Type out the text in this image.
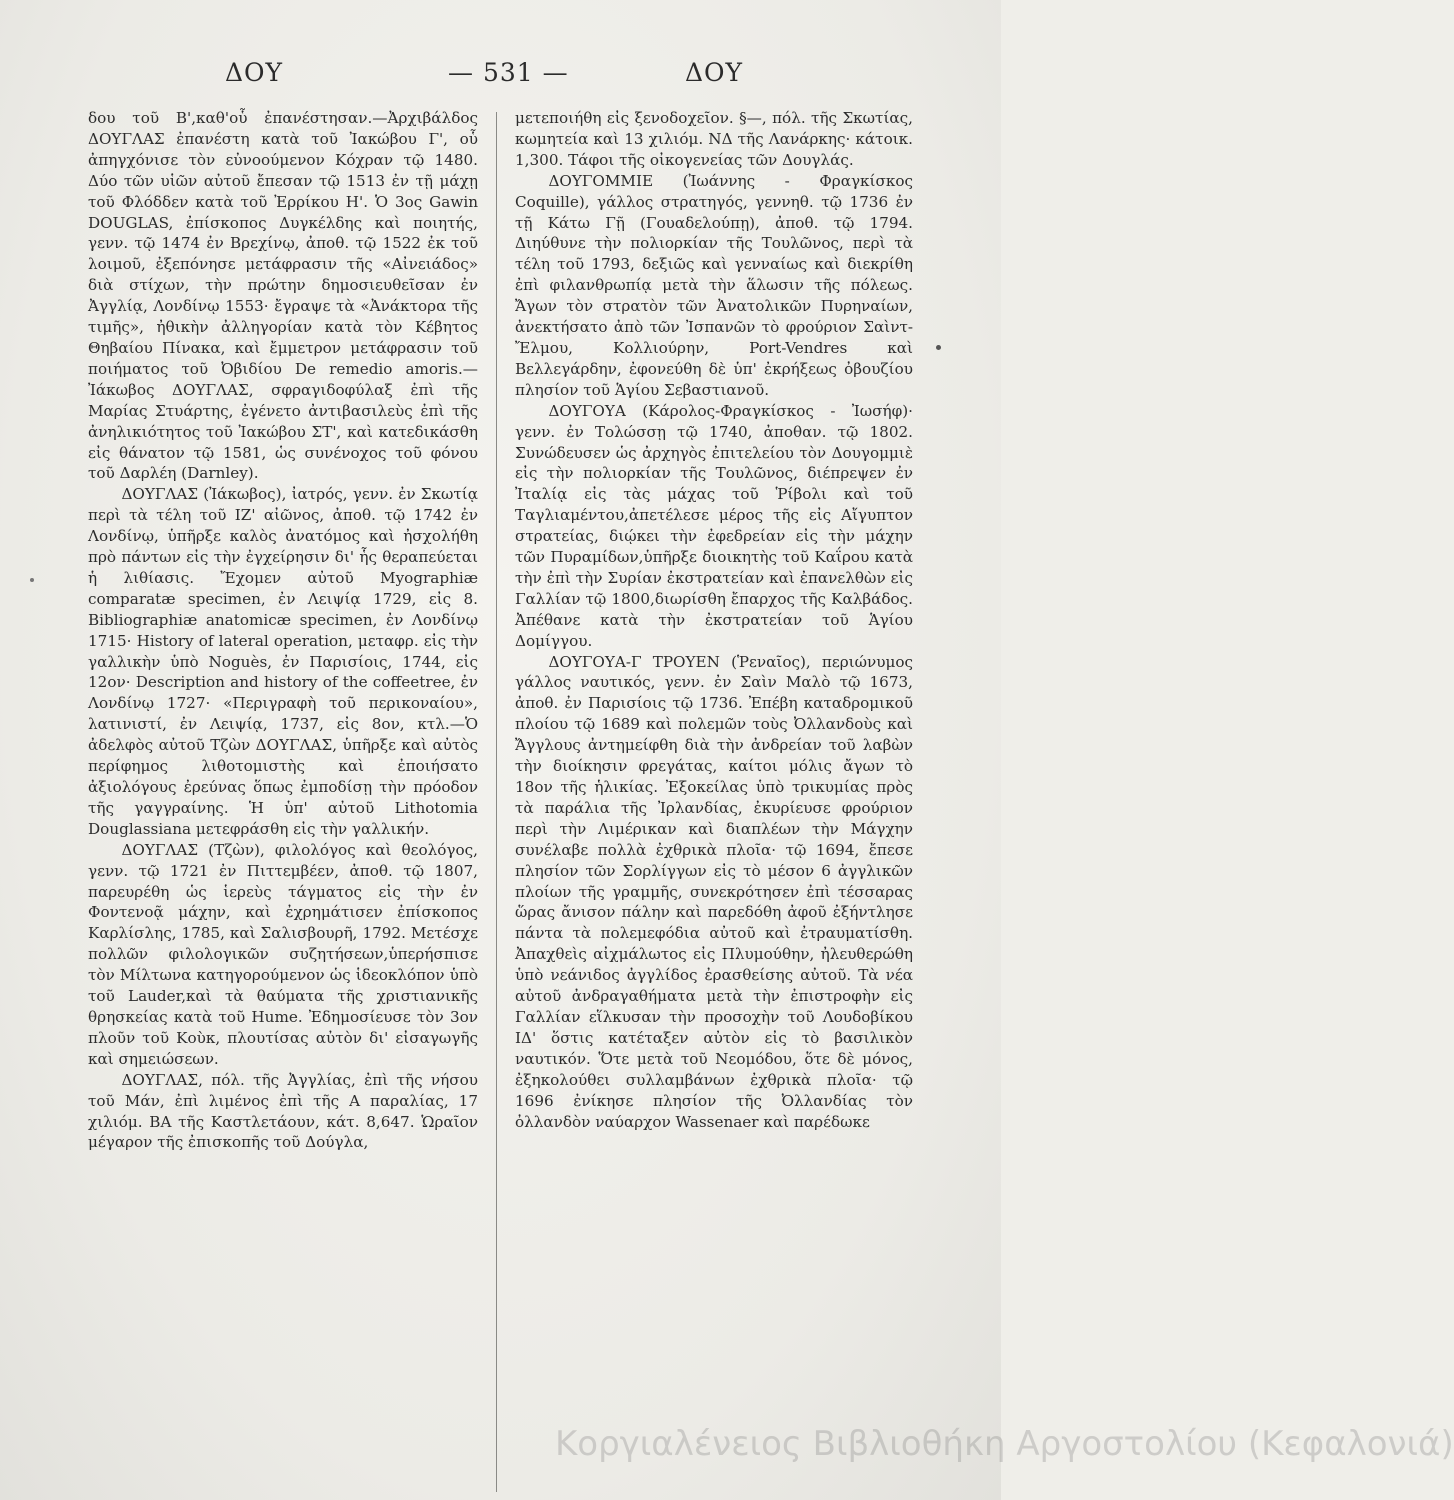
ΔΟΥ	— 531 —	ΔΟΥ

δου τοῦ Β',καθ'οὗ ἐπανέστησαν.—Ἀρχιβάλδος ΔΟΥΓΛΑΣ ἐπανέστη κατὰ τοῦ Ἰακώβου Γ', οὗ ἀπηγχόνισε τὸν εὐνοούμενον Κόχραν τῷ 1480. Δύο τῶν υἱῶν αὐτοῦ ἔπεσαν τῷ 1513 ἐν τῇ μάχῃ τοῦ Φλόδδεν κατὰ τοῦ Ἐρρίκου Η'. Ὁ 3ος Gawin DOUGLAS, ἐπίσκοπος Δυγκέλδης καὶ ποιητής, γενν. τῷ 1474 ἐν Βρεχίνῳ, ἀποθ. τῷ 1522 ἐκ τοῦ λοιμοῦ, ἐξεπόνησε μετάφρασιν τῆς «Αἰνειάδος» διὰ στίχων, τὴν πρώτην δημοσιευθεῖσαν ἐν Ἀγγλίᾳ, Λονδίνῳ 1553· ἔγραψε τὰ «Ἀνάκτορα τῆς τιμῆς», ἠθικὴν ἀλληγορίαν κατὰ τὸν Κέβητος Θηβαίου Πίνακα, καὶ ἔμμετρον μετάφρασιν τοῦ ποιήματος τοῦ Ὀβιδίου De remedio amoris.—Ἰάκωβος ΔΟΥΓΛΑΣ, σφραγιδοφύλαξ ἐπὶ τῆς Μαρίας Στυάρτης, ἐγένετο ἀντιβασιλεὺς ἐπὶ τῆς ἀνηλικιότητος τοῦ Ἰακώβου ΣΤ', καὶ κατεδικάσθη εἰς θάνατον τῷ 1581, ὡς συνένοχος τοῦ φόνου τοῦ Δαρλέη (Darnley).

ΔΟΥΓΛΑΣ (Ἰάκωβος), ἰατρός, γενν. ἐν Σκωτίᾳ περὶ τὰ τέλη τοῦ ΙΖ' αἰῶνος, ἀποθ. τῷ 1742 ἐν Λονδίνῳ, ὑπῆρξε καλὸς ἀνατόμος καὶ ἠσχολήθη πρὸ πάντων εἰς τὴν ἐγχείρησιν δι' ἧς θεραπεύεται ἡ λιθίασις. Ἔχομεν αὐτοῦ Myographiæ comparatæ specimen, ἐν Λειψίᾳ 1729, εἰς 8. Bibliographiæ anatomicæ specimen, ἐν Λονδίνῳ 1715· History of lateral operation, μεταφρ. εἰς τὴν γαλλικὴν ὑπὸ Noguès, ἐν Παρισίοις, 1744, εἰς 12ον· Description and history of the coffeetree, ἐν Λονδίνῳ 1727· «Περιγραφὴ τοῦ περικοναίου», λατινιστί, ἐν Λειψίᾳ, 1737, εἰς 8ον, κτλ.—Ὁ ἀδελφὸς αὐτοῦ Τζὼν ΔΟΥΓΛΑΣ, ὑπῆρξε καὶ αὐτὸς περίφημος λιθοτομιστὴς καὶ ἐποιήσατο ἀξιολόγους ἐρεύνας ὅπως ἐμποδίσῃ τὴν πρόοδον τῆς γαγγραίνης. Ἡ ὑπ' αὐτοῦ Lithotomia Douglassiana μετεφράσθη εἰς τὴν γαλλικήν.

ΔΟΥΓΛΑΣ (Τζὼν), φιλολόγος καὶ θεολόγος, γενν. τῷ 1721 ἐν Πιττεμβέεν, ἀποθ. τῷ 1807, παρευρέθη ὡς ἱερεὺς τάγματος εἰς τὴν ἐν Φοντενοᾷ μάχην, καὶ ἐχρημάτισεν ἐπίσκοπος Καρλίσλης, 1785, καὶ Σαλισβουρῆ, 1792. Μετέσχε πολλῶν φιλολογικῶν συζητήσεων,ὑπερήσπισε τὸν Μίλτωνα κατηγορούμενον ὡς ἱδεοκλόπον ὑπὸ τοῦ Lauder,καὶ τὰ θαύματα τῆς χριστιανικῆς θρησκείας κατὰ τοῦ Hume. Ἐδημοσίευσε τὸν 3ον πλοῦν τοῦ Κοὺκ, πλουτίσας αὐτὸν δι' εἰσαγωγῆς καὶ σημειώσεων.

ΔΟΥΓΛΑΣ, πόλ. τῆς Ἀγγλίας, ἐπὶ τῆς νήσου τοῦ Μάν, ἐπὶ λιμένος ἐπὶ τῆς Α παραλίας, 17 χιλιόμ. ΒΑ τῆς Καστλετάουν, κάτ. 8,647. Ὡραῖον μέγαρον τῆς ἐπισκοπῆς τοῦ Δούγλα,

μετεποιήθη εἰς ξενοδοχεῖον. §—, πόλ. τῆς Σκωτίας, κωμητεία καὶ 13 χιλιόμ. ΝΔ τῆς Λανάρκης· κάτοικ. 1,300. Τάφοι τῆς οἰκογενείας τῶν Δουγλάς.

ΔΟΥΓΟΜΜΙΕ (Ἰωάννης - Φραγκίσκος Coquille), γάλλος στρατηγός, γεννηθ. τῷ 1736 ἐν τῇ Κάτω Γῇ (Γουαδελούπῃ), ἀποθ. τῷ 1794. Διηύθυνε τὴν πολιορκίαν τῆς Τουλῶνος, περὶ τὰ τέλη τοῦ 1793, δεξιῶς καὶ γενναίως καὶ διεκρίθη ἐπὶ φιλανθρωπίᾳ μετὰ τὴν ἅλωσιν τῆς πόλεως. Ἄγων τὸν στρατὸν τῶν Ἀνατολικῶν Πυρηναίων, ἀνεκτήσατο ἀπὸ τῶν Ἰσπανῶν τὸ φρούριον Σαὶντ-Ἔλμου, Κολλιούρην, Port-Vendres καὶ Βελλεγάρδην, ἐφονεύθη δὲ ὑπ' ἐκρήξεως ὀβουζίου πλησίον τοῦ Ἁγίου Σεβαστιανοῦ.

ΔΟΥΓΟΥΑ (Κάρολος-Φραγκίσκος - Ἰωσήφ)· γενν. ἐν Τολώσσῃ τῷ 1740, ἀποθαν. τῷ 1802. Συνώδευσεν ὡς ἀρχηγὸς ἐπιτελείου τὸν Δουγομμιὲ εἰς τὴν πολιορκίαν τῆς Τουλῶνος, διέπρεψεν ἐν Ἰταλίᾳ εἰς τὰς μάχας τοῦ Ῥίβολι καὶ τοῦ Ταγλιαμέντου,ἀπετέλεσε μέρος τῆς εἰς Αἴγυπτον στρατείας, διῴκει τὴν ἐφεδρείαν εἰς τὴν μάχην τῶν Πυραμίδων,ὑπῆρξε διοικητὴς τοῦ Καΐρου κατὰ τὴν ἐπὶ τὴν Συρίαν ἐκστρατείαν καὶ ἐπανελθὼν εἰς Γαλλίαν τῷ 1800,διωρίσθη ἔπαρχος τῆς Καλβάδος. Ἀπέθανε κατὰ τὴν ἐκστρατείαν τοῦ Ἁγίου Δομίγγου.

ΔΟΥΓΟΥΑ-Γ ΤΡΟΥΕΝ (Ῥεναῖος), περιώνυμος γάλλος ναυτικός, γενν. ἐν Σαὶν Μαλὸ τῷ 1673, ἀποθ. ἐν Παρισίοις τῷ 1736. Ἐπέβη καταδρομικοῦ πλοίου τῷ 1689 καὶ πολεμῶν τοὺς Ὀλλανδοὺς καὶ Ἄγγλους ἀντημείφθη διὰ τὴν ἀνδρείαν τοῦ λαβὼν τὴν διοίκησιν φρεγάτας, καίτοι μόλις ἄγων τὸ 18ον τῆς ἡλικίας. Ἐξοκείλας ὑπὸ τρικυμίας πρὸς τὰ παράλια τῆς Ἰρλανδίας, ἐκυρίευσε φρούριον περὶ τὴν Λιμέρικαν καὶ διαπλέων τὴν Μάγχην συνέλαβε πολλὰ ἐχθρικὰ πλοῖα· τῷ 1694, ἔπεσε πλησίον τῶν Σορλίγγων εἰς τὸ μέσον 6 ἀγγλικῶν πλοίων τῆς γραμμῆς, συνεκρότησεν ἐπὶ τέσσαρας ὥρας ἄνισον πάλην καὶ παρεδόθη ἀφοῦ ἐξήντλησε πάντα τὰ πολεμεφόδια αὐτοῦ καὶ ἐτραυματίσθη. Ἀπαχθεὶς αἰχμάλωτος εἰς Πλυμούθην, ἠλευθερώθη ὑπὸ νεάνιδος ἀγγλίδος ἐρασθείσης αὐτοῦ. Τὰ νέα αὐτοῦ ἀνδραγαθήματα μετὰ τὴν ἐπιστροφὴν εἰς Γαλλίαν εἵλκυσαν τὴν προσοχὴν τοῦ Λουδοβίκου ΙΔ' ὅστις κατέταξεν αὐτὸν εἰς τὸ βασιλικὸν ναυτικόν. Ὅτε μετὰ τοῦ Νεομόδου, ὅτε δὲ μόνος, ἐξηκολούθει συλλαμβάνων ἐχθρικὰ πλοῖα· τῷ 1696 ἐνίκησε πλησίον τῆς Ὀλλανδίας τὸν ὀλλανδὸν ναύαρχον Wassenaer καὶ παρέδωκε

Κοργιαλένειος Βιβλιοθήκη Αργοστολίου (Κεφαλονιά)
